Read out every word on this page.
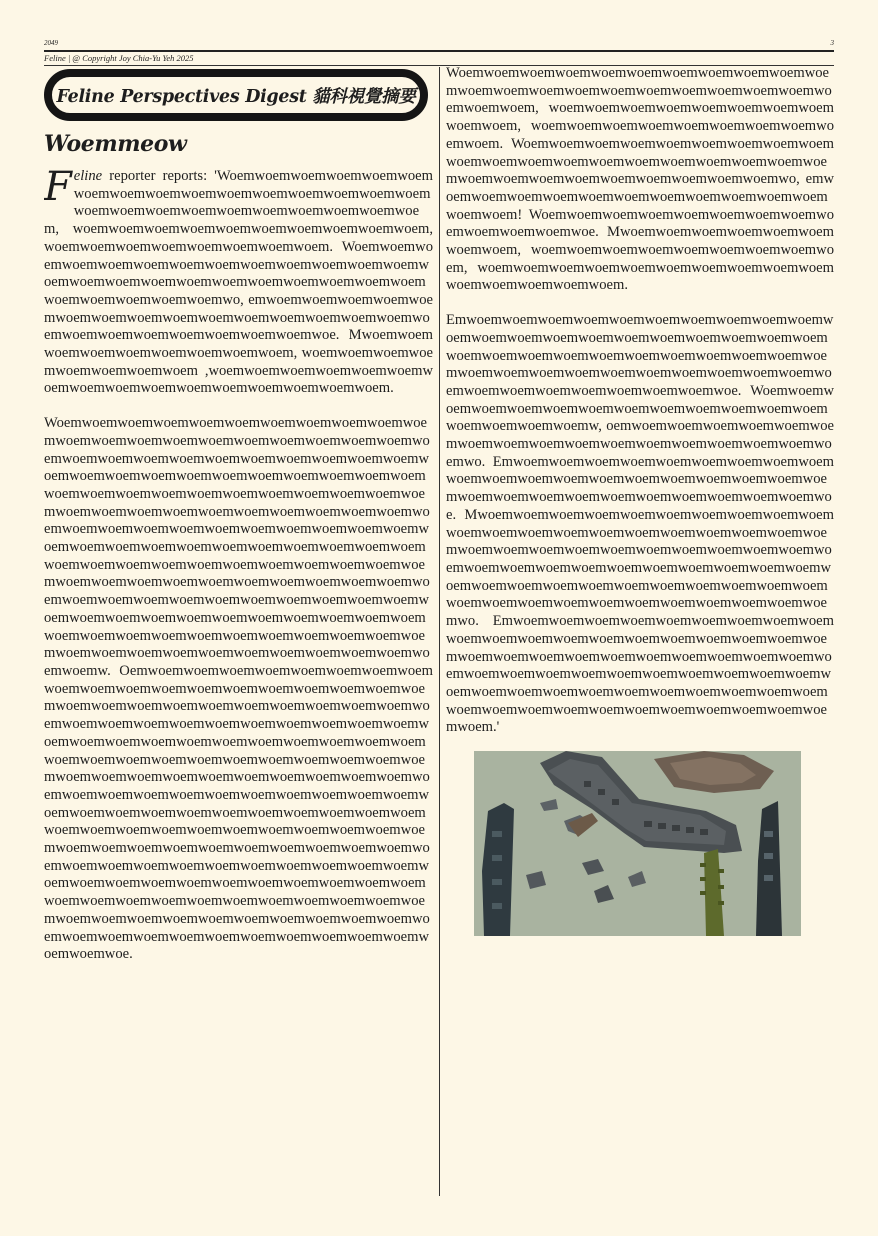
2049	3
Feline | @ Copyright Joy Chia-Yu Yeh 2025
Feline Perspectives Digest 貓科視覺摘要
Woemmeow

Feline reporter reports: 'Woemwoemwoemwoemwoemwoemwoemwoemwoemwoemwoemwoemwoemwoemwoemwoemwoemwoemwoemwoemwoemwoemwoemwoemwoemwoem, woemwoemwoemwoemwoemwoemwoemwoemwoemwoem, woemwoemwoemwoemwoemwoemwoemwoem. Woemwoemwoemwoemwoemwoemwoemwoemwoemwoemwoemwoemwoemwoemwoemwoemwoemwoemwoemwoemwoemwoemwoemwoemwoemwoemwoemwoemwoemwo, emwoemwoemwoemwoemwoemwoemwoemwoemwoemwoemwoemwoemwoemwoemwoemwoemwoemwoemwoemwoemwoemwoemwoemwoe. Mwoemwoemwoemwoemwoemwoemwoemwoemwoem, woemwoemwoemwoemwoemwoemwoemwoem ,woemwoemwoemwoemwoemwoemwoemwoemwoemwoemwoemwoemwoemwoemwoemwoem.

Woemwoemwoemwoemwoemwoemwoemwoemwoemwoemwoemwoemwoemwoemwoemwoemwoemwoemwoemwoemwoemwoemwoemwoemwoemwoemwoemwoemwoemwoemwoemwoemwoemwoemwoemwoemwoemwoemwoemwoemwoemwoemwoemwoemwoemwoemwoemwoemwoemwoemwoemwoemwoemwoemwoemwoemwoemwoemwoemwoemwoemwoemwoemwoemwoemwoemwoemwoemwoemwoemwoemwoemwoemwoemwoemwoemwoemwoemwoemwoemwoemwoemwoemwoemwoemwoemwoemwoemwoemwoemwoemwoemwoemwoemwoemwoemwoemwoemwoemwoemwoemwoemwoemwoemwoemwoemwoemwoemwoemwoemwoemwoemwoemwoemwoemwoemwoemwoemwoemwoemwoemwoemwoemwoemwoemwoemwoemwoemwoemwoemwoemwoemwoemwoemwoemwoemwoemwoemwoemwoemwoemwoemwoemwoemwoemwoemwoemwoemwoemwoemwoemwoemw. Oemwoemwoemwoemwoemwoemwoemwoemwoemwoemwoemwoemwoemwoemwoemwoemwoemwoemwoemwoemwoemwoemwoemwoemwoemwoemwoemwoemwoemwoemwoemwoemwoemwoemwoemwoemwoemwoemwoemwoemwoemwoemwoemwoemwoemwoemwoemwoemwoemwoemwoemwoemwoemwoemwoemwoemwoemwoemwoemwoemwoemwoemwoemwoemwoemwoemwoemwoemwoemwoemwoemwoemwoemwoemwoemwoemwoemwoemwoemwoemwoemwoemwoemwoemwoemwoemwoemwoemwoemwoemwoemwoemwoemwoemwoemwoemwoemwoemwoemwoemwoemwoemwoemwoemwoemwoemwoemwoemwoemwoemwoemwoemwoemwoemwoemwoemwoemwoemwoemwoemwoemwoemwoemwoemwoemwoemwoemwoemwoemwoemwoemwoemwoemwoemwoemwoemwoemwoemwoemwoemwoemwoemwoemwoemwoemwoemwoemwoemwoemwoemwoemwoemwoemwoemwoemwoemwoemwoemwoemwoemwoemwoemwoemwoemwoemwoemwoemwoemwoemwoemwoemwoemwoe.

Woemwoemwoemwoemwoemwoemwoemwoemwoemwoemwoemwoemwoemwoemwoemwoemwoemwoemwoemwoemwoemwoemwoemwoem, woemwoemwoemwoemwoemwoemwoemwoemwoemwoem, woemwoemwoemwoemwoemwoemwoemwoemwoemwoem. Woemwoemwoemwoemwoemwoemwoemwoemwoemwoemwoemwoemwoemwoemwoemwoemwoemwoemwoemwoemwoemwoemwoemwoemwoemwoemwoemwoemwoemwo, emwoemwoemwoemwoemwoemwoemwoemwoemwoemwoemwoemwoemwoem! Woemwoemwoemwoemwoemwoemwoemwoemwoemwoemwoemwoemwoe. Mwoemwoemwoemwoemwoemwoemwoemwoem, woemwoemwoemwoemwoemwoemwoemwoemwoem, woemwoemwoemwoemwoemwoemwoemwoemwoemwoemwoemwoemwoemwoemwoem.

Emwoemwoemwoemwoemwoemwoemwoemwoemwoemwoemwoemwoemwoemwoemwoemwoemwoemwoemwoemwoemwoemwoemwoemwoemwoemwoemwoemwoemwoemwoemwoemwoemwoemwoemwoemwoemwoemwoemwoemwoemwoemwoemwoemwoemwoemwoemwoemwoemwoemwoemwoe. Woemwoemwoemwoemwoemwoemwoemwoemwoemwoemwoemwoemwoemwoemwoemwoemwoemw, oemwoemwoemwoemwoemwoemwoemwoemwoemwoemwoemwoemwoemwoemwoemwoemwoemwoemwo. Emwoemwoemwoemwoemwoemwoemwoemwoemwoemwoemwoemwoemwoemwoemwoemwoemwoemwoemwoemwoemwoemwoemwoemwoemwoemwoemwoemwoemwoemwoemwoe. Mwoemwoemwoemwoemwoemwoemwoemwoemwoemwoemwoemwoemwoemwoemwoemwoemwoemwoemwoemwoemwoemwoemwoemwoemwoemwoemwoemwoemwoemwoemwoemwoemwoemwoemwoemwoemwoemwoemwoemwoemwoemwoemwoemwoemwoemwoemwoemwoemwoemwoemwoemwoemwoemwoemwoemwoemwoemwoemwoemwoemwoemwoemwoemwoemwo. Emwoemwoemwoemwoemwoemwoemwoemwoemwoemwoemwoemwoemwoemwoemwoemwoemwoemwoemwoemwoemwoemwoemwoemwoemwoemwoemwoemwoemwoemwoemwoemwoemwoemwoemwoemwoemwoemwoemwoemwoemwoemwoemwoemwoemwoemwoemwoemwoemwoemwoemwoemwoemwoemwoemwoemwoemwoemwoemwoemwoemwoemwoemwoemwoem.'
